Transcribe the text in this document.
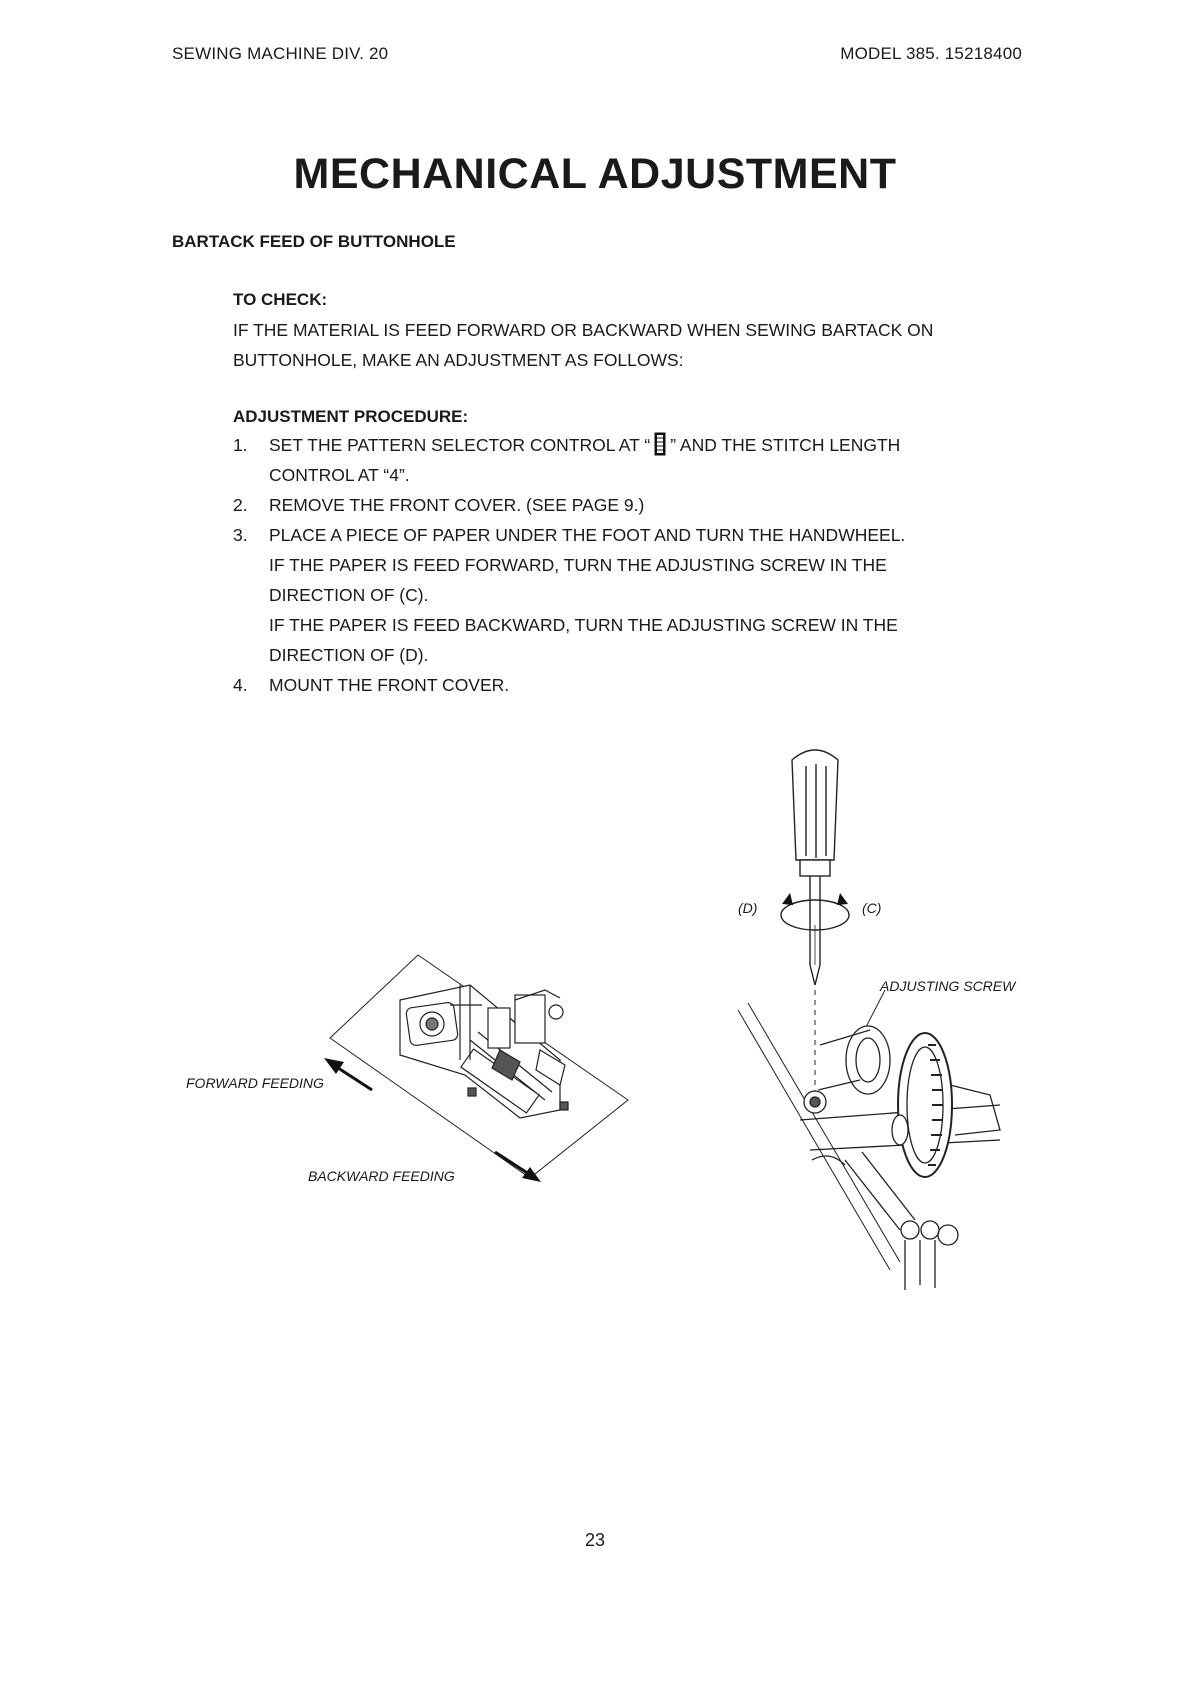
SEWING MACHINE DIV. 20	MODEL 385. 15218400
MECHANICAL ADJUSTMENT
BARTACK FEED OF BUTTONHOLE
TO CHECK:
IF THE MATERIAL IS FEED FORWARD OR BACKWARD WHEN SEWING BARTACK ON
BUTTONHOLE, MAKE AN ADJUSTMENT AS FOLLOWS:
ADJUSTMENT PROCEDURE:
1.	SET THE PATTERN SELECTOR CONTROL AT “ ” AND THE STITCH LENGTH

CONTROL AT “4”.

2.	REMOVE THE FRONT COVER. (SEE PAGE 9.)

3.	PLACE A PIECE OF PAPER UNDER THE FOOT AND TURN THE HANDWHEEL.

IF THE PAPER IS FEED FORWARD, TURN THE ADJUSTING SCREW IN THE

DIRECTION OF (C).

IF THE PAPER IS FEED BACKWARD, TURN THE ADJUSTING SCREW IN THE

DIRECTION OF (D).

4.	MOUNT THE FRONT COVER.

FORWARD FEEDING
BACKWARD FEEDING
(D)	(C)
ADJUSTING SCREW
23
